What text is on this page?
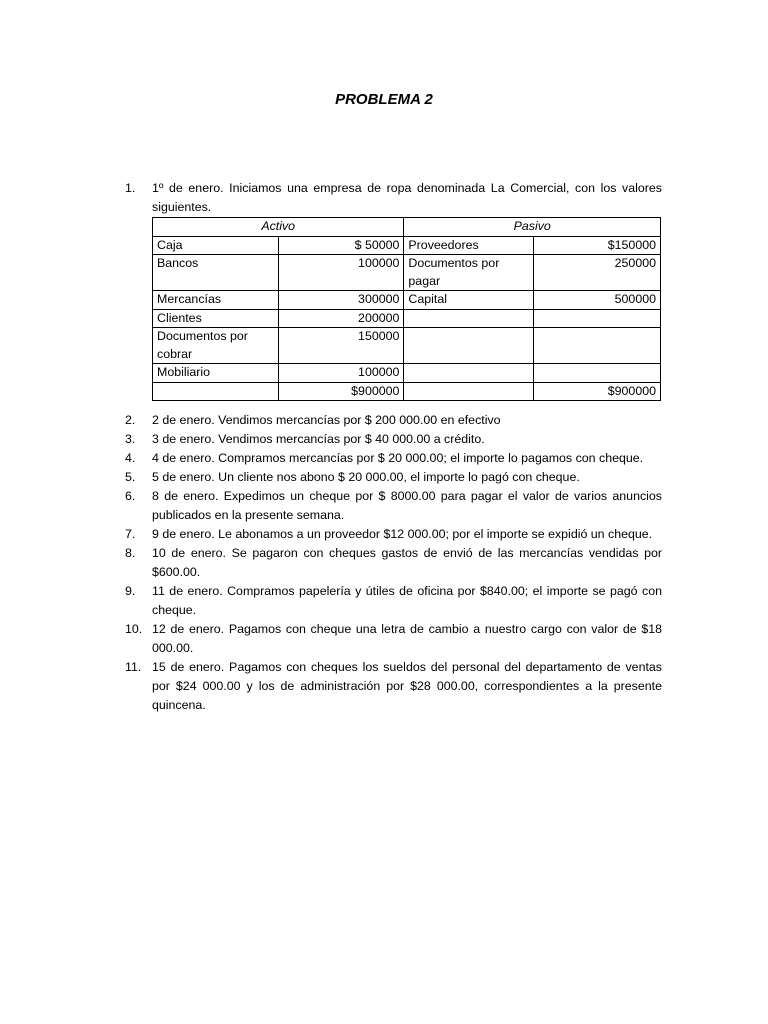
PROBLEMA 2
1.	1º de enero. Iniciamos una empresa de ropa denominada La Comercial, con los valores siguientes.
Activo		Pasivo	
Caja	$ 50000	Proveedores	$150000
Bancos	100000	Documentos por pagar	250000
Mercancías	300000	Capital	500000
Clientes	200000		
Documentos por cobrar	150000		
Mobiliario	100000		
	$900000		$900000
2.	2 de enero. Vendimos mercancías por $ 200 000.00 en efectivo
3.	3 de enero. Vendimos mercancías por $ 40 000.00 a crédito.
4.	4 de enero. Compramos mercancías por $ 20 000.00; el importe lo pagamos con cheque.
5.	5 de enero. Un cliente nos abono $ 20 000.00, el importe lo pagó con cheque.
6.	8 de enero. Expedimos un cheque por $ 8000.00 para pagar el valor de varios anuncios publicados en la presente semana.
7.	9 de enero. Le abonamos a un proveedor $12 000.00; por el importe se expidió un cheque.
8.	10 de enero. Se pagaron con cheques gastos de envió de las mercancías vendidas por $600.00.
9.	11 de enero. Compramos papelería y útiles de oficina por $840.00; el importe se pagó con cheque.
10. 12 de enero. Pagamos con cheque una letra de cambio a nuestro cargo con valor de $18 000.00.
11. 15 de enero. Pagamos con cheques los sueldos del personal del departamento de ventas por $24 000.00 y los de administración por $28 000.00, correspondientes a la presente quincena.
